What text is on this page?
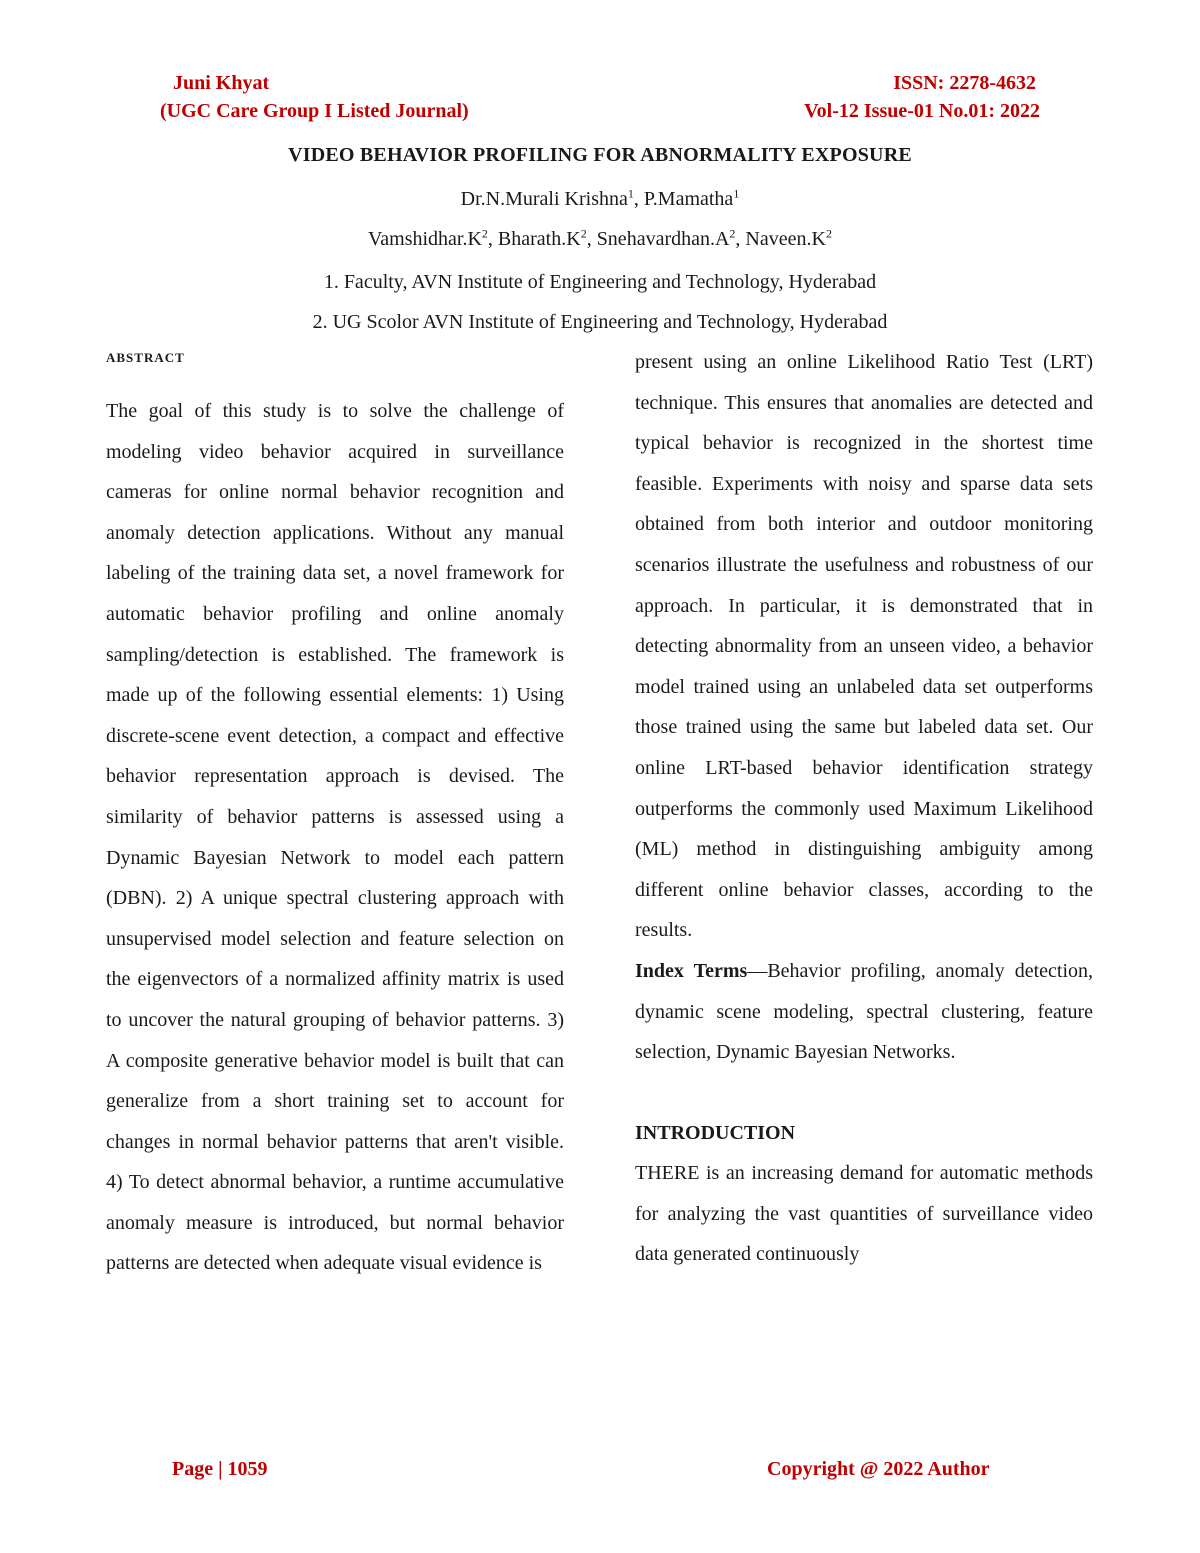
Juni Khyat
(UGC Care Group I Listed Journal)
ISSN: 2278-4632
Vol-12 Issue-01 No.01: 2022
VIDEO BEHAVIOR PROFILING FOR ABNORMALITY EXPOSURE
Dr.N.Murali Krishna$^1$, P.Mamatha$^1$
$Vamshidhar.K^2$, $Bharath.K^2$, $Snehavardhan.A^2$, $Naveen.K^2$
1. Faculty, AVN Institute of Engineering and Technology, Hyderabad
2. UG Scolor AVN Institute of Engineering and Technology, Hyderabad
ABSTRACT

The goal of this study is to solve the challenge of modeling video behavior acquired in surveillance cameras for online normal behavior recognition and anomaly detection applications. Without any manual labeling of the training data set, a novel framework for automatic behavior profiling and online anomaly sampling/detection is established. The framework is made up of the following essential elements: 1) Using discrete-scene event detection, a compact and effective behavior representation approach is devised. The similarity of behavior patterns is assessed using a Dynamic Bayesian Network to model each pattern (DBN). 2) A unique spectral clustering approach with unsupervised model selection and feature selection on the eigenvectors of a normalized affinity matrix is used to uncover the natural grouping of behavior patterns. 3) A composite generative behavior model is built that can generalize from a short training set to account for changes in normal behavior patterns that aren't visible. 4) To detect abnormal behavior, a runtime accumulative anomaly measure is introduced, but normal behavior patterns are detected when adequate visual evidence is

present using an online Likelihood Ratio Test (LRT) technique. This ensures that anomalies are detected and typical behavior is recognized in the shortest time feasible. Experiments with noisy and sparse data sets obtained from both interior and outdoor monitoring scenarios illustrate the usefulness and robustness of our approach. In particular, it is demonstrated that in detecting abnormality from an unseen video, a behavior model trained using an unlabeled data set outperforms those trained using the same but labeled data set. Our online LRT-based behavior identification strategy outperforms the commonly used Maximum Likelihood (ML) method in distinguishing ambiguity among different online behavior classes, according to the results.

Index Terms—Behavior profiling, anomaly detection, dynamic scene modeling, spectral clustering, feature selection, Dynamic Bayesian Networks.

INTRODUCTION

THERE is an increasing demand for automatic methods for analyzing the vast quantities of surveillance video data generated continuously

Page | 1059	Copyright @ 2022 Author
